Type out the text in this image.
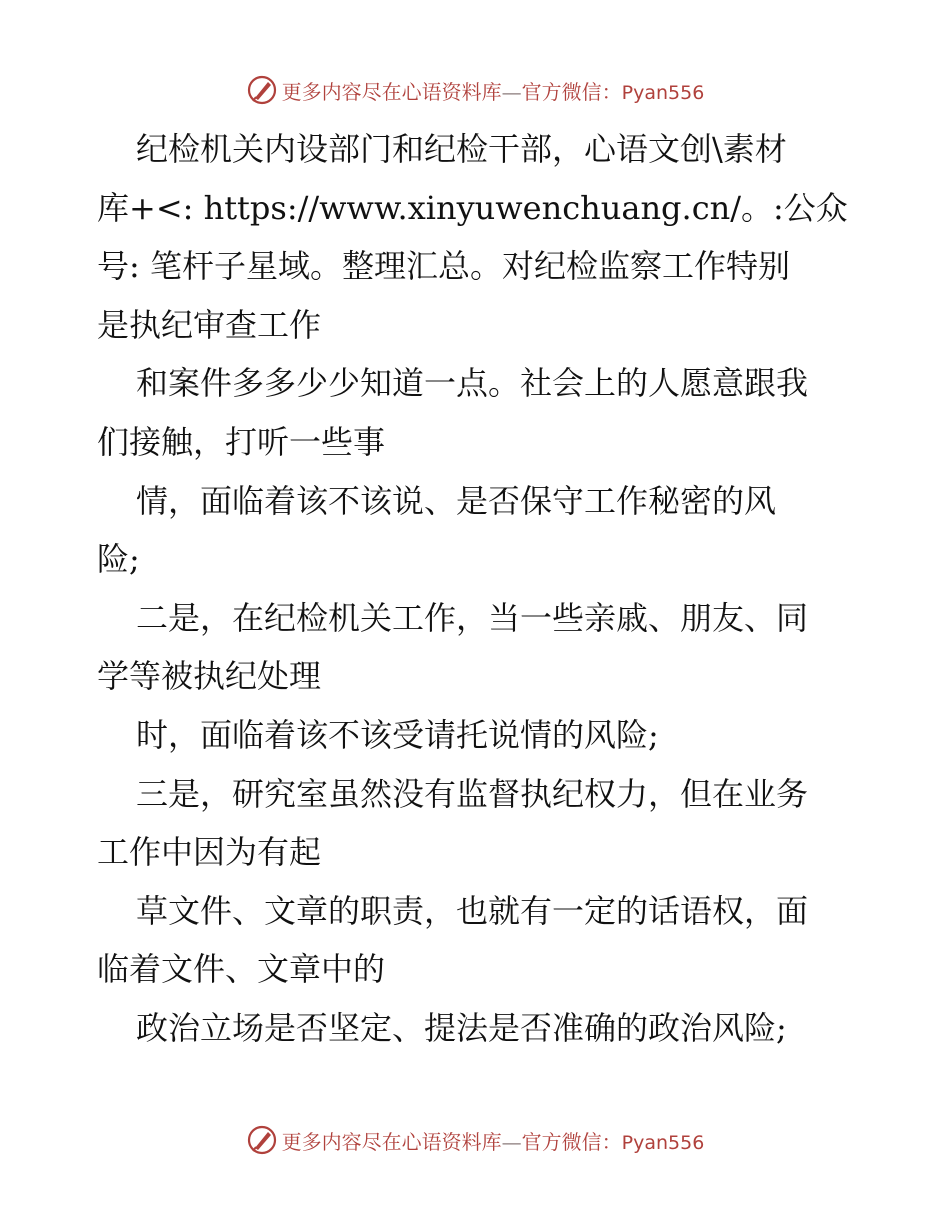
更多内容尽在心语资料库—官方微信：Pyan556
纪检机关内设部门和纪检干部，心语文创\素材
库+<: https://www.xinyuwenchuang.cn/。:公众
号: 笔杆子星域。整理汇总。对纪检监察工作特别
是执纪审查工作
和案件多多少少知道一点。社会上的人愿意跟我
们接触，打听一些事
情，面临着该不该说、是否保守工作秘密的风
险;
二是，在纪检机关工作，当一些亲戚、朋友、同
学等被执纪处理
时，面临着该不该受请托说情的风险;
三是，研究室虽然没有监督执纪权力，但在业务
工作中因为有起
草文件、文章的职责，也就有一定的话语权，面
临着文件、文章中的
政治立场是否坚定、提法是否准确的政治风险;
更多内容尽在心语资料库—官方微信：Pyan556
